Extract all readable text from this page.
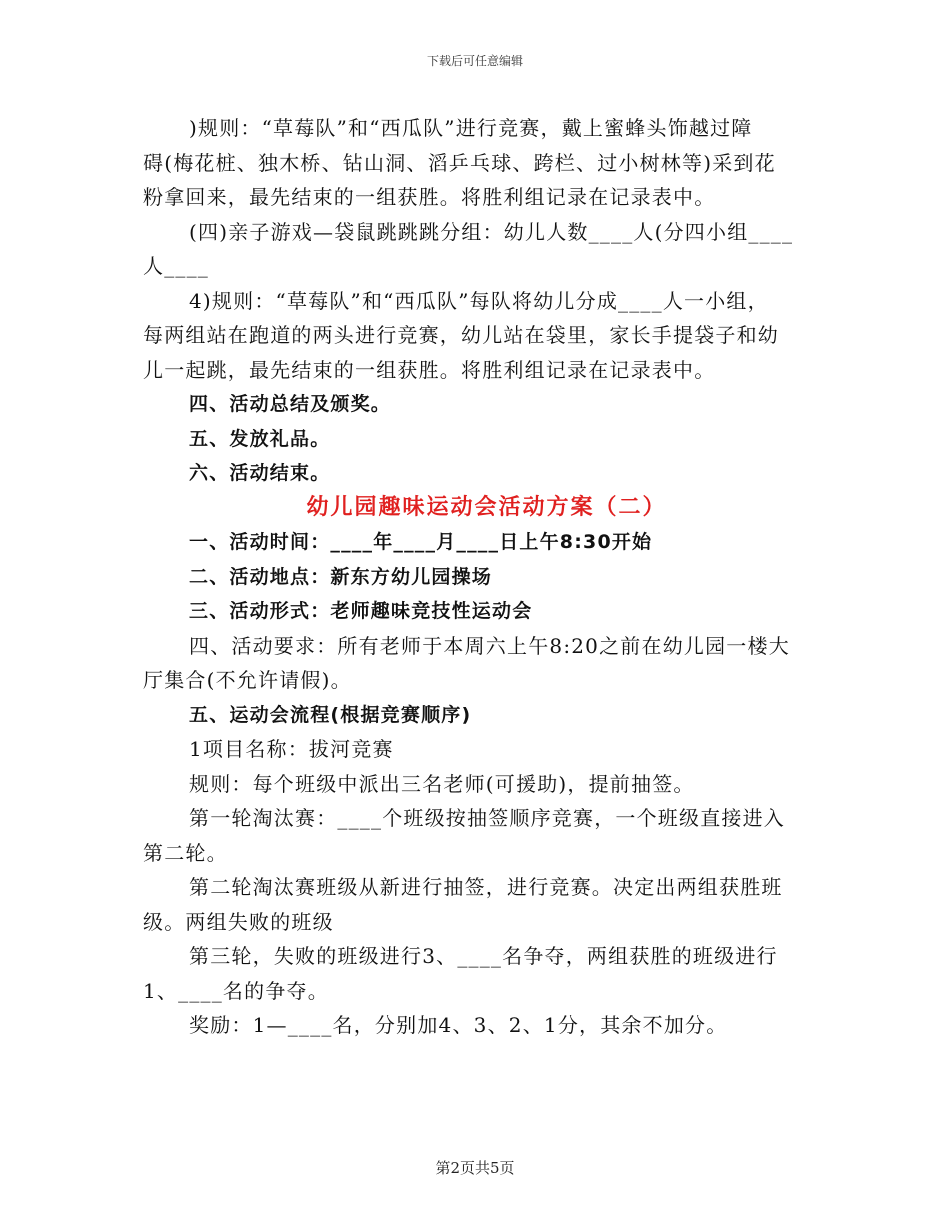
下载后可任意编辑
)规则：“草莓队”和“西瓜队”进行竞赛，戴上蜜蜂头饰越过障
碍(梅花桩、独木桥、钻山洞、滔乒乓球、跨栏、过小树林等)采到花
粉拿回来，最先结束的一组获胜。将胜利组记录在记录表中。
(四)亲子游戏—袋鼠跳跳跳分组：幼儿人数____人(分四小组____
人____
4)规则：“草莓队”和“西瓜队”每队将幼儿分成____人一小组，
每两组站在跑道的两头进行竞赛，幼儿站在袋里，家长手提袋子和幼
儿一起跳，最先结束的一组获胜。将胜利组记录在记录表中。
四、活动总结及颁奖。
五、发放礼品。
六、活动结束。
幼儿园趣味运动会活动方案（二）
一、活动时间：____年____月____日上午8:30开始
二、活动地点：新东方幼儿园操场
三、活动形式：老师趣味竞技性运动会
四、活动要求：所有老师于本周六上午8:20之前在幼儿园一楼大
厅集合(不允许请假)。
五、运动会流程(根据竞赛顺序)
1项目名称：拔河竞赛
规则：每个班级中派出三名老师(可援助)，提前抽签。
第一轮淘汰赛：____个班级按抽签顺序竞赛，一个班级直接进入
第二轮。
第二轮淘汰赛班级从新进行抽签，进行竞赛。决定出两组获胜班
级。两组失败的班级
第三轮，失败的班级进行3、____名争夺，两组获胜的班级进行
1、____名的争夺。
奖励：1—____名，分别加4、3、2、1分，其余不加分。
第2页共5页
